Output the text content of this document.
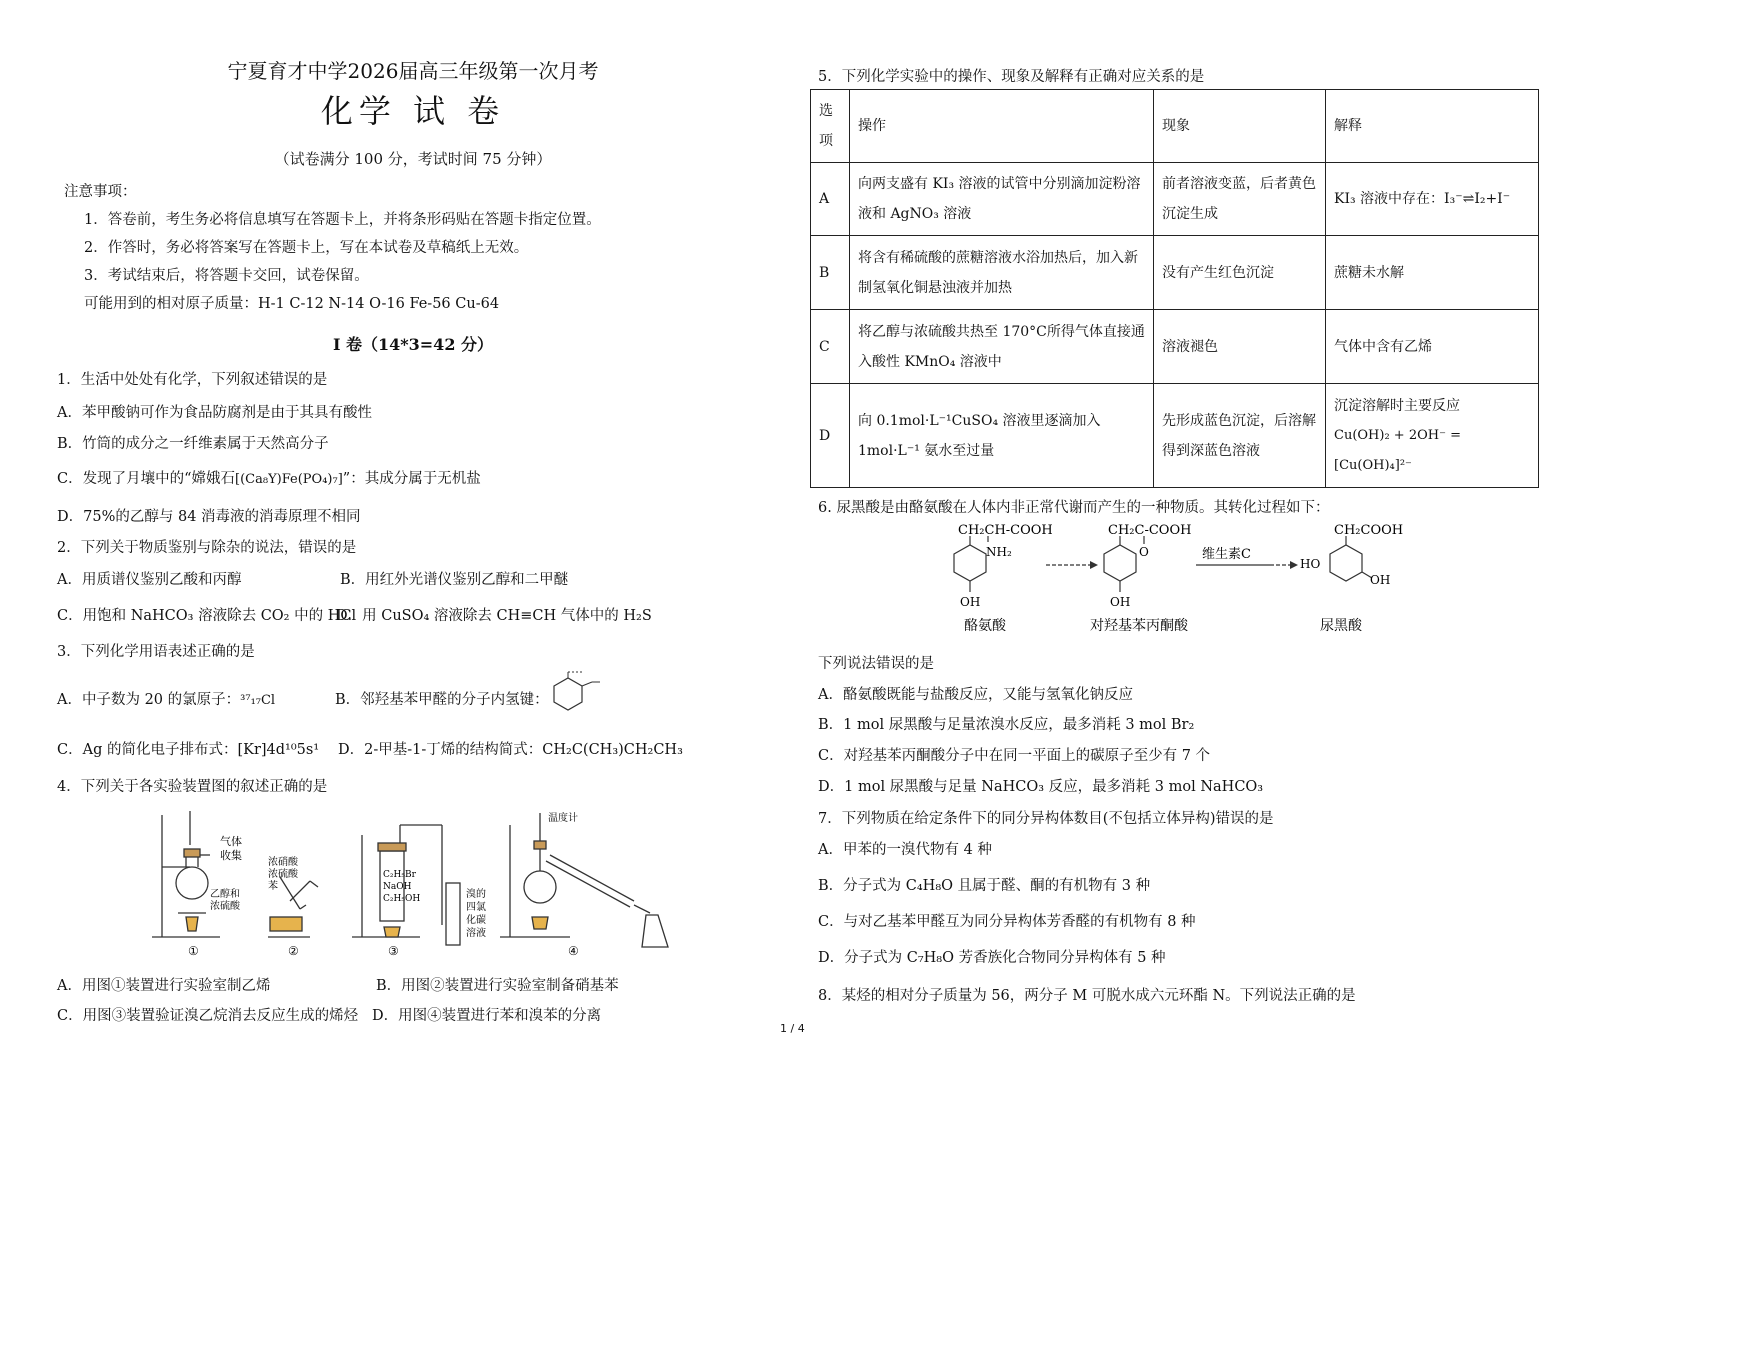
宁夏育才中学2026届高三年级第一次月考
化学 试 卷
（试卷满分 100 分，考试时间 75 分钟）
注意事项：
1．答卷前，考生务必将信息填写在答题卡上，并将条形码贴在答题卡指定位置。
2．作答时，务必将答案写在答题卡上，写在本试卷及草稿纸上无效。
3．考试结束后，将答题卡交回，试卷保留。
可能用到的相对原子质量：H-1 C-12 N-14 O-16 Fe-56 Cu-64
I 卷（14*3=42 分）
1．生活中处处有化学，下列叙述错误的是
A．苯甲酸钠可作为食品防腐剂是由于其具有酸性
B．竹筒的成分之一纤维素属于天然高分子
C．发现了月壤中的“嫦娥石[(Ca₈Y)Fe(PO₄)₇]”：其成分属于无机盐
D．75%的乙醇与 84 消毒液的消毒原理不相同
2．下列关于物质鉴别与除杂的说法，错误的是
A．用质谱仪鉴别乙酸和丙醇	B．用红外光谱仪鉴别乙醇和二甲醚
C．用饱和 NaHCO₃ 溶液除去 CO₂ 中的 HCl
D．用 CuSO₄ 溶液除去 CH≡CH 气体中的 H₂S
3．下列化学用语表述正确的是
A．中子数为 20 的氯原子：³⁷₁₇Cl	B．邻羟基苯甲醛的分子内氢键：
C．Ag 的简化电子排布式：[Kr]4d¹⁰5s¹ D．2-甲基-1-丁烯的结构简式：CH₂C(CH₃)CH₂CH₃
4．下列关于各实验装置图的叙述正确的是
气体
收集
乙醇和
浓硫酸
①
浓硝酸
浓硫酸
苯
②
C₂H₅Br
NaOH
C₂H₅OH	溴的
四氯
化碳
溶液
③
温度计
④
A．用图①装置进行实验室制乙烯	B．用图②装置进行实验室制备硝基苯
C．用图③装置验证溴乙烷消去反应生成的烯烃 D．用图④装置进行苯和溴苯的分离
1 / 4
5．下列化学实验中的操作、现象及解释有正确对应关系的是
选项	操作	现象	解释
A	向两支盛有 KI₃ 溶液的试管中分别滴加淀粉溶液和 AgNO₃ 溶液	前者溶液变蓝，后者黄色沉淀生成	KI₃ 溶液中存在：I₃⁻⇌I₂+I⁻
B	将含有稀硫酸的蔗糖溶液水浴加热后，加入新制氢氧化铜悬浊液并加热	没有产生红色沉淀	蔗糖未水解
C	将乙醇与浓硫酸共热至 170°C所得气体直接通入酸性 KMnO₄ 溶液中	溶液褪色	气体中含有乙烯
D	向 0.1mol·L⁻¹CuSO₄ 溶液里逐滴加入 1mol·L⁻¹ 氨水至过量	先形成蓝色沉淀，后溶解得到深蓝色溶液	沉淀溶解时主要反应
Cu(OH)₂ + 2OH⁻ = [Cu(OH)₄]²⁻
6. 尿黑酸是由酪氨酸在人体内非正常代谢而产生的一种物质。其转化过程如下：
CH₂CH-COOH
NH₂
OH
CH₂C-COOH
O
OH
维生素C
CH₂COOH
HO
OH
酪氨酸	对羟基苯丙酮酸	尿黑酸
下列说法错误的是
A．酪氨酸既能与盐酸反应，又能与氢氧化钠反应
B．1 mol 尿黑酸与足量浓溴水反应，最多消耗 3 mol Br₂
C．对羟基苯丙酮酸分子中在同一平面上的碳原子至少有 7 个
D．1 mol 尿黑酸与足量 NaHCO₃ 反应，最多消耗 3 mol NaHCO₃
7．下列物质在给定条件下的同分异构体数目(不包括立体异构)错误的是
A．甲苯的一溴代物有 4 种
B．分子式为 C₄H₈O 且属于醛、酮的有机物有 3 种
C．与对乙基苯甲醛互为同分异构体芳香醛的有机物有 8 种
D．分子式为 C₇H₈O 芳香族化合物同分异构体有 5 种
8．某烃的相对分子质量为 56，两分子 M 可脱水成六元环酯 N。下列说法正确的是
